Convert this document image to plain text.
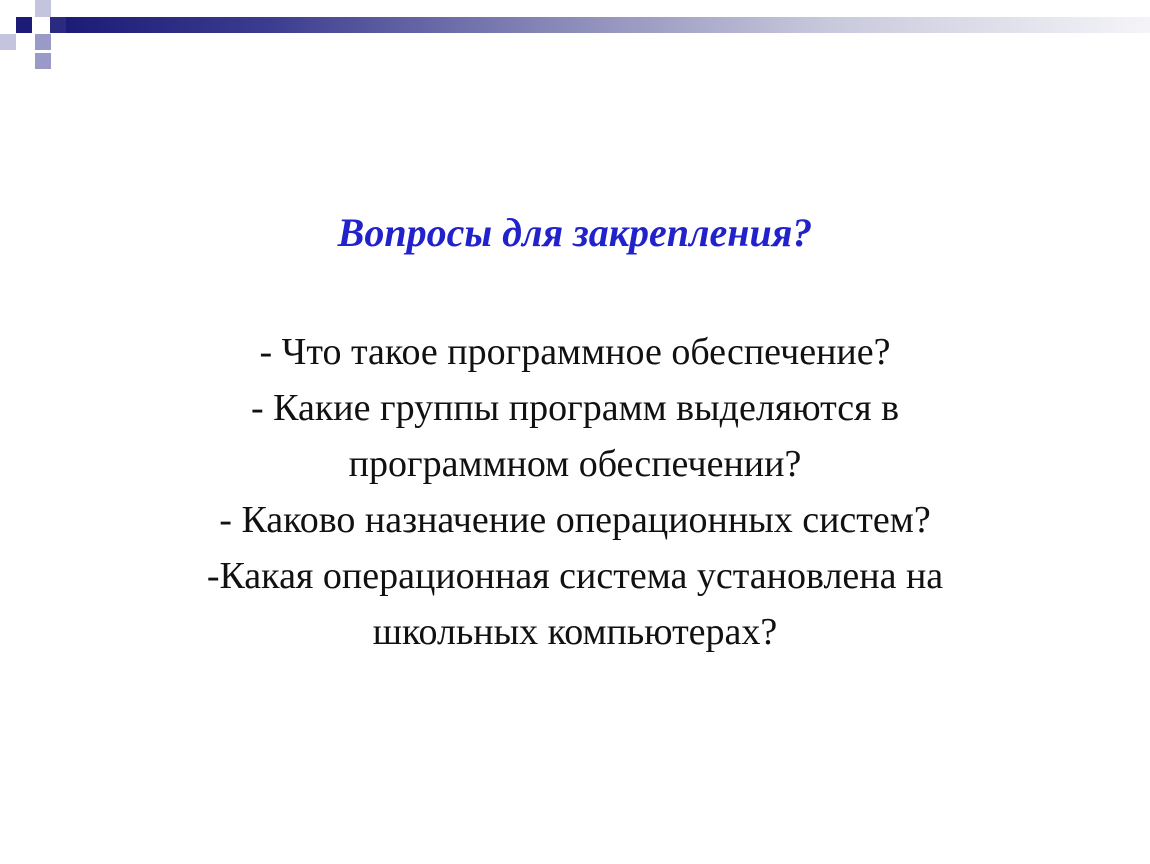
Вопросы для закрепления?
- Что такое программное обеспечение?
- Какие группы программ выделяются в
программном обеспечении?
- Каково назначение операционных систем?
-Какая операционная система установлена на
школьных компьютерах?
